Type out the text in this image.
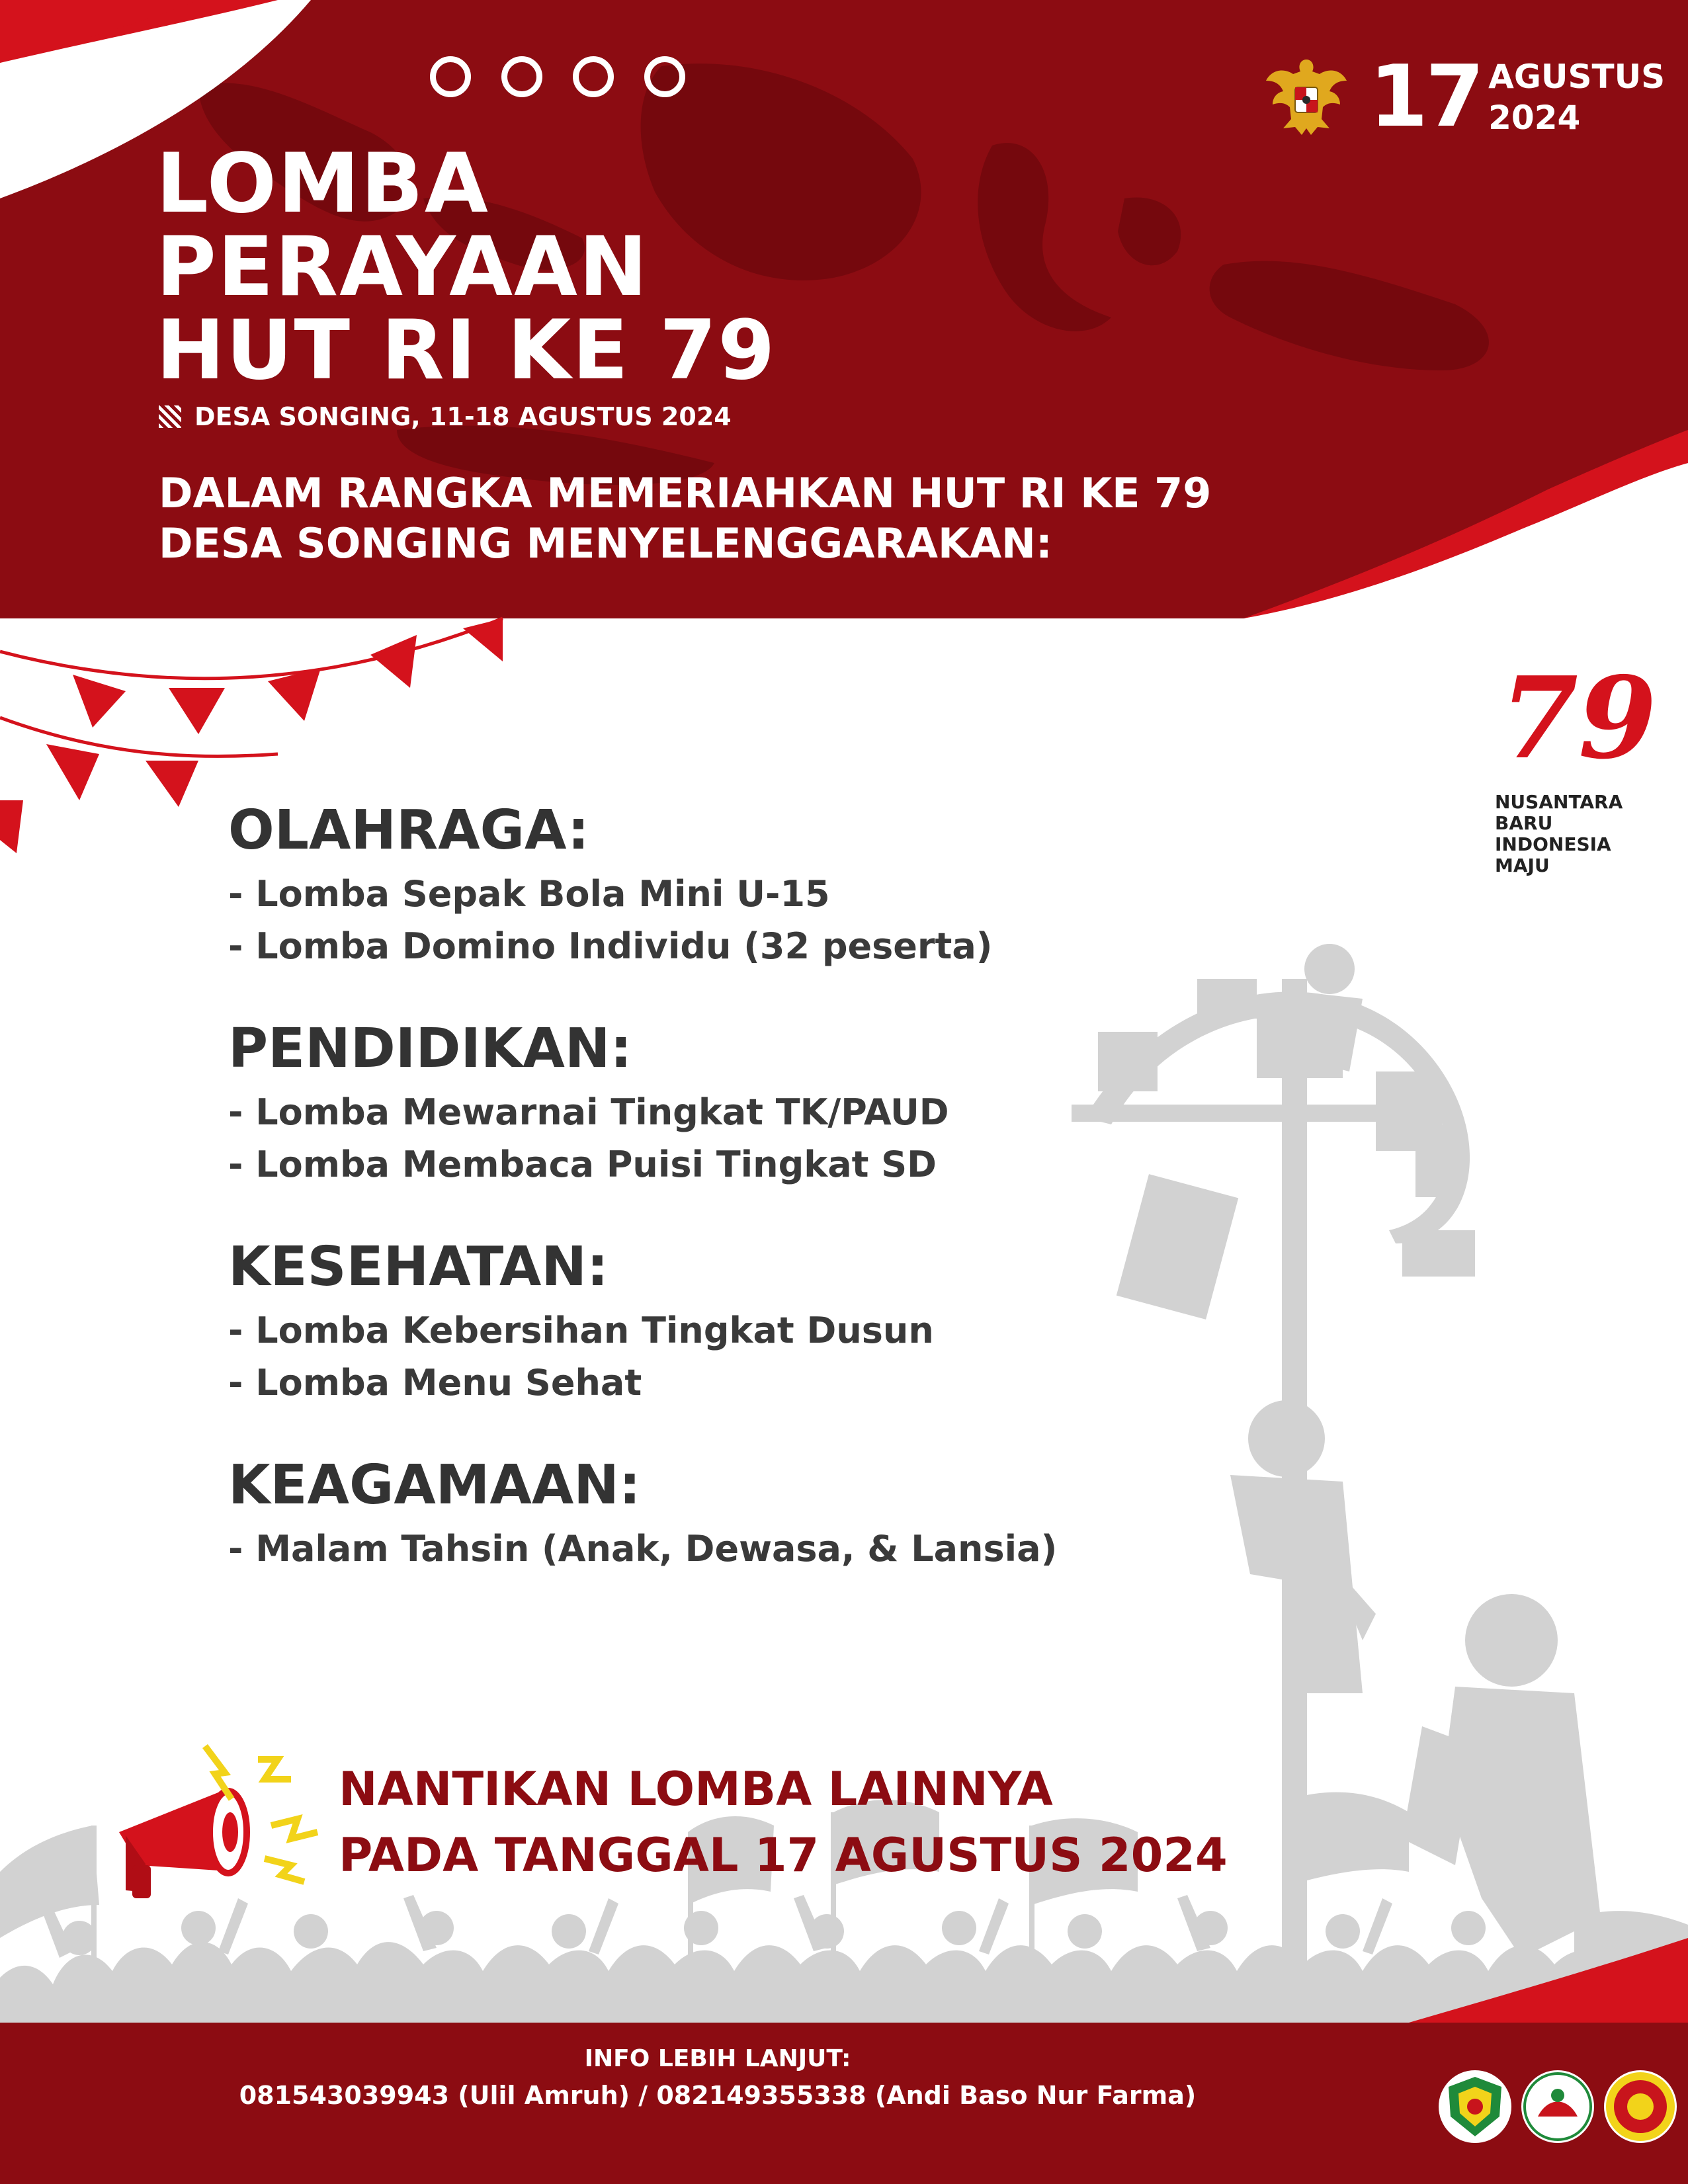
LOMBA
PERAYAAN
HUT RI KE 79
DESA SONGING, 11-18 AGUSTUS 2024
DALAM RANGKA MEMERIAHKAN HUT RI KE 79
DESA SONGING MENYELENGGARAKAN:
17 AGUSTUS
2024
79
NUSANTARA
BARU
INDONESIA
MAJU
OLAHRAGA:
- Lomba Sepak Bola Mini U-15
- Lomba Domino Individu (32 peserta)
PENDIDIKAN:
- Lomba Mewarnai Tingkat TK/PAUD
- Lomba Membaca Puisi Tingkat SD
KESEHATAN:
- Lomba Kebersihan Tingkat Dusun
- Lomba Menu Sehat
KEAGAMAAN:
- Malam Tahsin (Anak, Dewasa, & Lansia)
NANTIKAN LOMBA LAINNYA
PADA TANGGAL 17 AGUSTUS 2024
INFO LEBIH LANJUT:
081543039943 (Ulil Amruh) / 082149355338 (Andi Baso Nur Farma)
